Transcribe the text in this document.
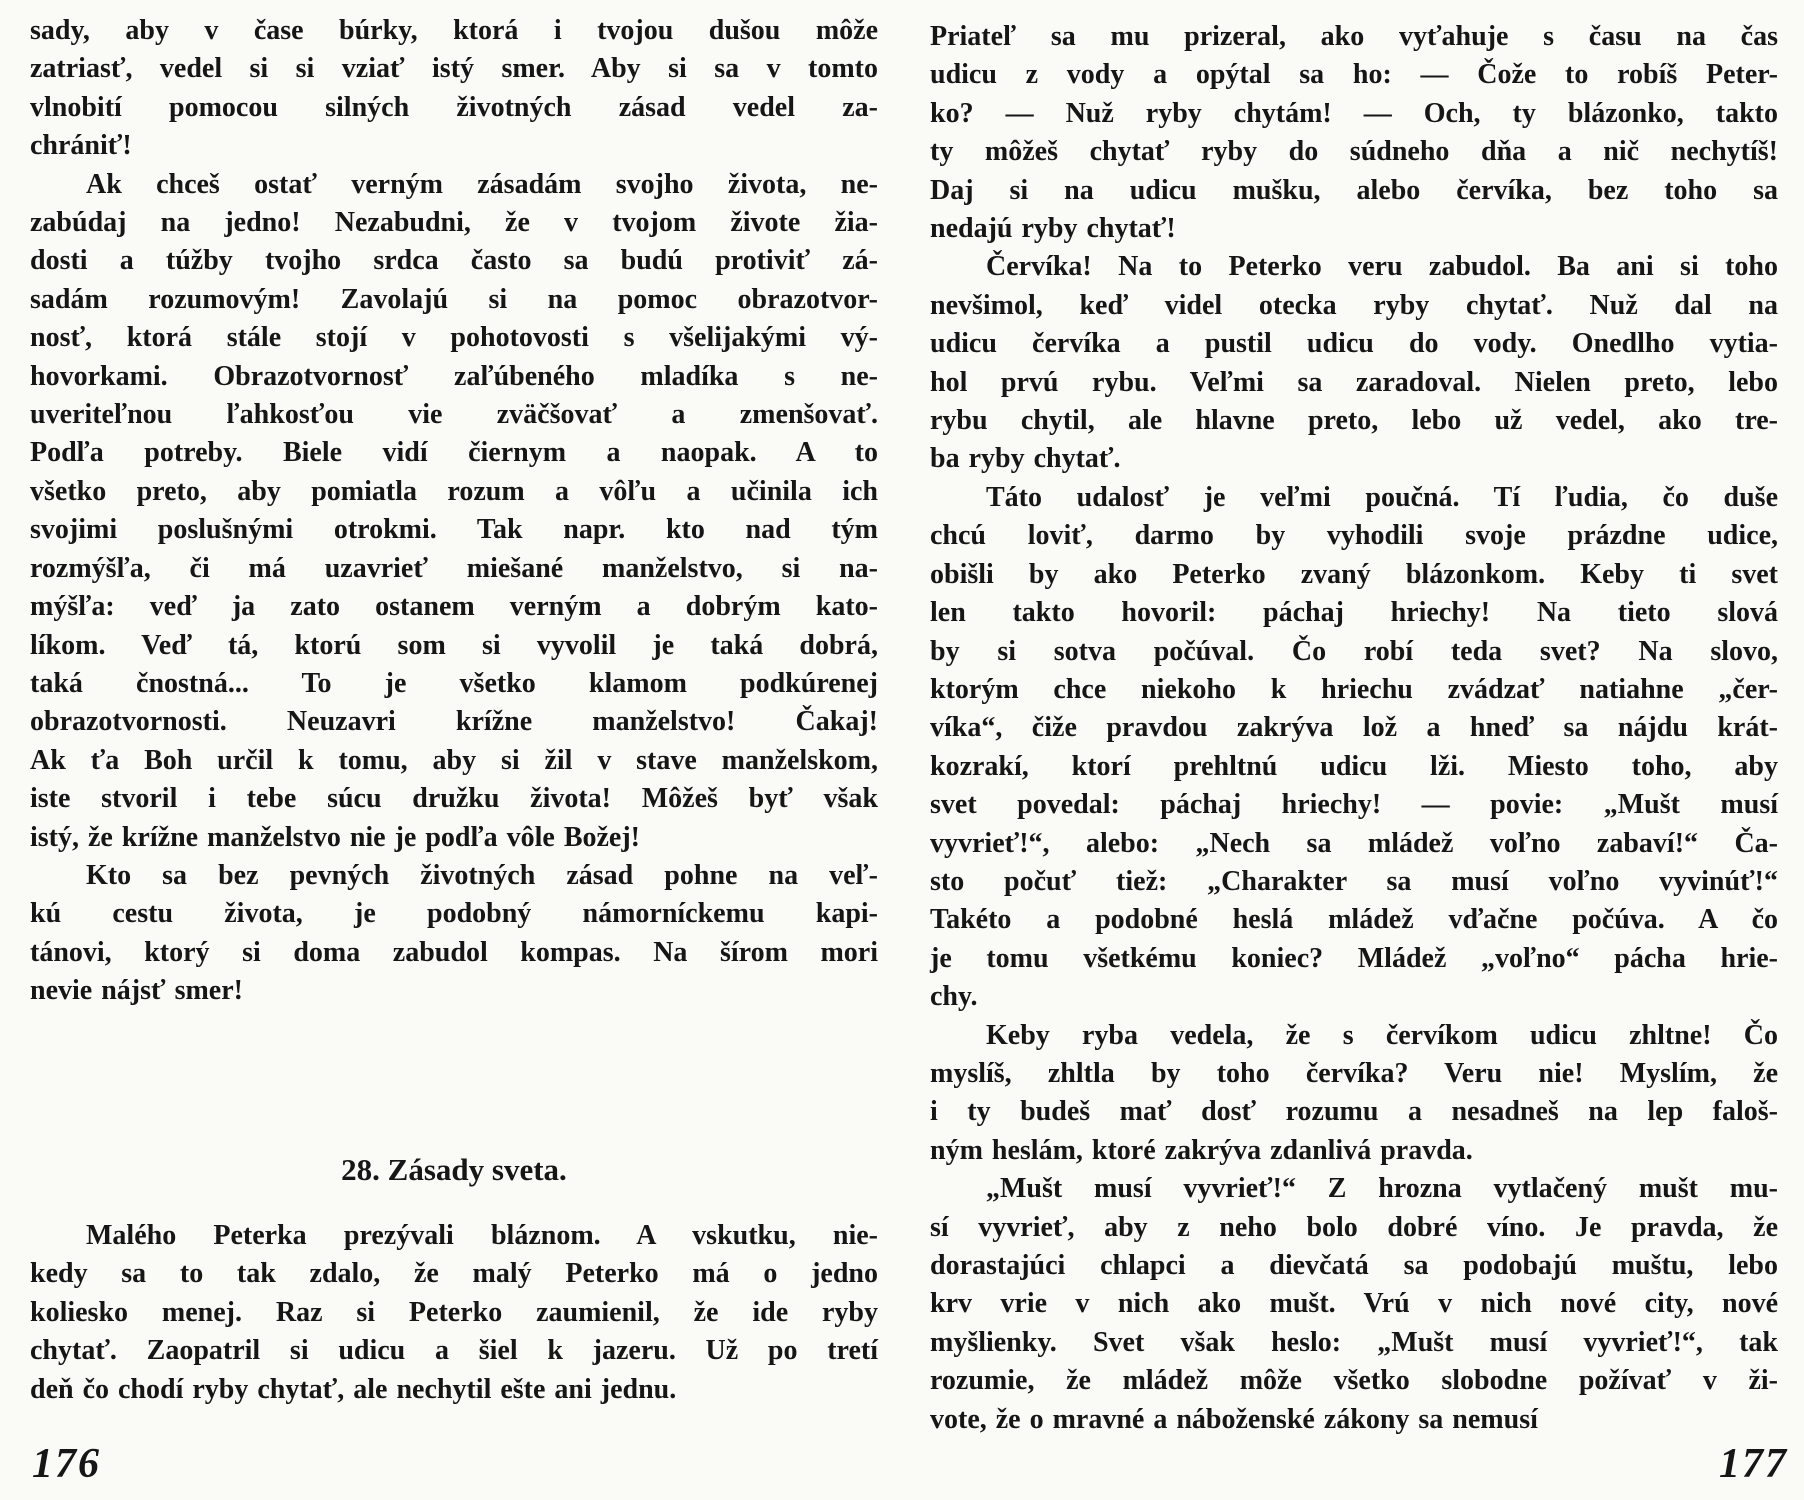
sady, aby v čase búrky, ktorá i tvojou dušou môže
zatriasť, vedel si si vziať istý smer. Aby si sa v tomto
vlnobití pomocou silných životných zásad vedel za-
chrániť!
Ak chceš ostať verným zásadám svojho života, ne-
zabúdaj na jedno! Nezabudni, že v tvojom živote žia-
dosti a túžby tvojho srdca často sa budú protiviť zá-
sadám rozumovým! Zavolajú si na pomoc obrazotvor-
nosť, ktorá stále stojí v pohotovosti s všelijakými vý-
hovorkami. Obrazotvornosť zaľúbeného mladíka s ne-
uveriteľnou ľahkosťou vie zväčšovať a zmenšovať.
Podľa potreby. Biele vidí čiernym a naopak. A to
všetko preto, aby pomiatla rozum a vôľu a učinila ich
svojimi poslušnými otrokmi. Tak napr. kto nad tým
rozmýšľa, či má uzavrieť miešané manželstvo, si na-
mýšľa: veď ja zato ostanem verným a dobrým kato-
líkom. Veď tá, ktorú som si vyvolil je taká dobrá,
taká čnostná... To je všetko klamom podkúrenej
obrazotvornosti. Neuzavri krížne manželstvo! Čakaj!
Ak ťa Boh určil k tomu, aby si žil v stave manželskom,
iste stvoril i tebe súcu družku života! Môžeš byť však
istý, že krížne manželstvo nie je podľa vôle Božej!
Kto sa bez pevných životných zásad pohne na veľ-
kú cestu života, je podobný námorníckemu kapi-
tánovi, ktorý si doma zabudol kompas. Na šírom mori
nevie nájsť smer!
28. Zásady sveta.
Malého Peterka prezývali bláznom. A vskutku, nie-
kedy sa to tak zdalo, že malý Peterko má o jedno
koliesko menej. Raz si Peterko zaumienil, že ide ryby
chytať. Zaopatril si udicu a šiel k jazeru. Už po tretí
deň čo chodí ryby chytať, ale nechytil ešte ani jednu.
Priateľ sa mu prizeral, ako vyťahuje s času na čas
udicu z vody a opýtal sa ho: — Čože to robíš Peter-
ko? — Nuž ryby chytám! — Och, ty blázonko, takto
ty môžeš chytať ryby do súdneho dňa a nič nechytíš!
Daj si na udicu mušku, alebo červíka, bez toho sa
nedajú ryby chytať!
Červíka! Na to Peterko veru zabudol. Ba ani si toho
nevšimol, keď videl otecka ryby chytať. Nuž dal na
udicu červíka a pustil udicu do vody. Onedlho vytia-
hol prvú rybu. Veľmi sa zaradoval. Nielen preto, lebo
rybu chytil, ale hlavne preto, lebo už vedel, ako tre-
ba ryby chytať.
Táto udalosť je veľmi poučná. Tí ľudia, čo duše
chcú loviť, darmo by vyhodili svoje prázdne udice,
obišli by ako Peterko zvaný blázonkom. Keby ti svet
len takto hovoril: páchaj hriechy! Na tieto slová
by si sotva počúval. Čo robí teda svet? Na slovo,
ktorým chce niekoho k hriechu zvádzať natiahne „čer-
víka“, čiže pravdou zakrýva lož a hneď sa nájdu krát-
kozrakí, ktorí prehltnú udicu lži. Miesto toho, aby
svet povedal: páchaj hriechy! — povie: „Mušt musí
vyvrieť!“, alebo: „Nech sa mládež voľno zabaví!“ Ča-
sto počuť tiež: „Charakter sa musí voľno vyvinúť!“
Takéto a podobné heslá mládež vďačne počúva. A čo
je tomu všetkému koniec? Mládež „voľno“ pácha hrie-
chy.
Keby ryba vedela, že s červíkom udicu zhltne! Čo
myslíš, zhltla by toho červíka? Veru nie! Myslím, že
i ty budeš mať dosť rozumu a nesadneš na lep faloš-
ným heslám, ktoré zakrýva zdanlivá pravda.
„Mušt musí vyvrieť!“ Z hrozna vytlačený mušt mu-
sí vyvrieť, aby z neho bolo dobré víno. Je pravda, že
dorastajúci chlapci a dievčatá sa podobajú muštu, lebo
krv vrie v nich ako mušt. Vrú v nich nové city, nové
myšlienky. Svet však heslo: „Mušt musí vyvrieť!“, tak
rozumie, že mládež môže všetko slobodne požívať v ži-
vote, že o mravné a náboženské zákony sa nemusí
176	177
